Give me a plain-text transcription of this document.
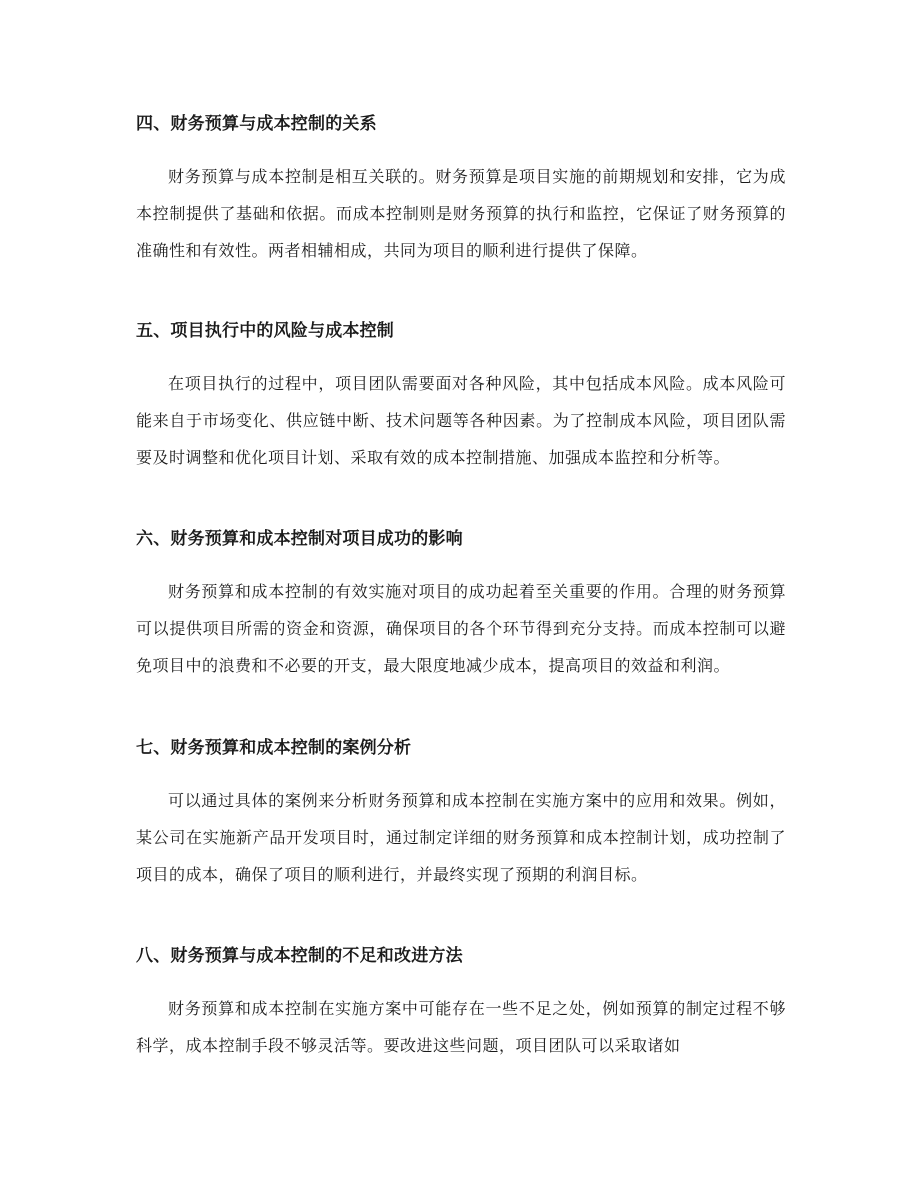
四、财务预算与成本控制的关系

财务预算与成本控制是相互关联的。财务预算是项目实施的前期规划和安排，它为成本控制提供了基础和依据。而成本控制则是财务预算的执行和监控，它保证了财务预算的准确性和有效性。两者相辅相成，共同为项目的顺利进行提供了保障。

五、项目执行中的风险与成本控制

在项目执行的过程中，项目团队需要面对各种风险，其中包括成本风险。成本风险可能来自于市场变化、供应链中断、技术问题等各种因素。为了控制成本风险，项目团队需要及时调整和优化项目计划、采取有效的成本控制措施、加强成本监控和分析等。

六、财务预算和成本控制对项目成功的影响

财务预算和成本控制的有效实施对项目的成功起着至关重要的作用。合理的财务预算可以提供项目所需的资金和资源，确保项目的各个环节得到充分支持。而成本控制可以避免项目中的浪费和不必要的开支，最大限度地减少成本，提高项目的效益和利润。

七、财务预算和成本控制的案例分析

可以通过具体的案例来分析财务预算和成本控制在实施方案中的应用和效果。例如，某公司在实施新产品开发项目时，通过制定详细的财务预算和成本控制计划，成功控制了项目的成本，确保了项目的顺利进行，并最终实现了预期的利润目标。

八、财务预算与成本控制的不足和改进方法

财务预算和成本控制在实施方案中可能存在一些不足之处，例如预算的制定过程不够科学，成本控制手段不够灵活等。要改进这些问题，项目团队可以采取诸如
